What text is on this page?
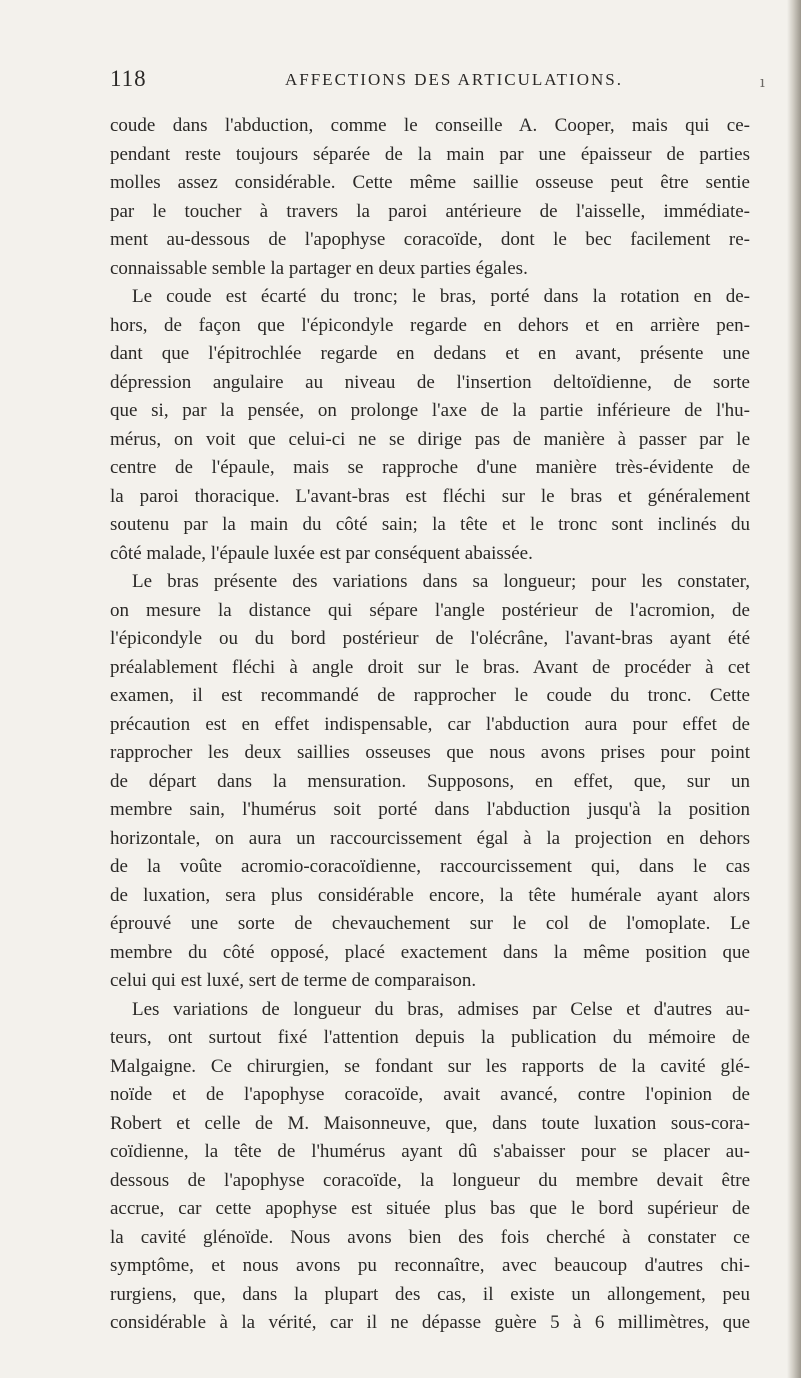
118	AFFECTIONS DES ARTICULATIONS.	ı
coude dans l'abduction, comme le conseille A. Cooper, mais qui ce-
pendant reste toujours séparée de la main par une épaisseur de parties
molles assez considérable. Cette même saillie osseuse peut être sentie
par le toucher à travers la paroi antérieure de l'aisselle, immédiate-
ment au-dessous de l'apophyse coracoïde, dont le bec facilement re-
connaissable semble la partager en deux parties égales.
Le coude est écarté du tronc; le bras, porté dans la rotation en de-
hors, de façon que l'épicondyle regarde en dehors et en arrière pen-
dant que l'épitrochlée regarde en dedans et en avant, présente une
dépression angulaire au niveau de l'insertion deltoïdienne, de sorte
que si, par la pensée, on prolonge l'axe de la partie inférieure de l'hu-
mérus, on voit que celui-ci ne se dirige pas de manière à passer par le
centre de l'épaule, mais se rapproche d'une manière très-évidente de
la paroi thoracique. L'avant-bras est fléchi sur le bras et généralement
soutenu par la main du côté sain; la tête et le tronc sont inclinés du
côté malade, l'épaule luxée est par conséquent abaissée.
Le bras présente des variations dans sa longueur; pour les constater,
on mesure la distance qui sépare l'angle postérieur de l'acromion, de
l'épicondyle ou du bord postérieur de l'olécrâne, l'avant-bras ayant été
préalablement fléchi à angle droit sur le bras. Avant de procéder à cet
examen, il est recommandé de rapprocher le coude du tronc. Cette
précaution est en effet indispensable, car l'abduction aura pour effet de
rapprocher les deux saillies osseuses que nous avons prises pour point
de départ dans la mensuration. Supposons, en effet, que, sur un
membre sain, l'humérus soit porté dans l'abduction jusqu'à la position
horizontale, on aura un raccourcissement égal à la projection en dehors
de la voûte acromio-coracoïdienne, raccourcissement qui, dans le cas
de luxation, sera plus considérable encore, la tête humérale ayant alors
éprouvé une sorte de chevauchement sur le col de l'omoplate. Le
membre du côté opposé, placé exactement dans la même position que
celui qui est luxé, sert de terme de comparaison.
Les variations de longueur du bras, admises par Celse et d'autres au-
teurs, ont surtout fixé l'attention depuis la publication du mémoire de
Malgaigne. Ce chirurgien, se fondant sur les rapports de la cavité glé-
noïde et de l'apophyse coracoïde, avait avancé, contre l'opinion de
Robert et celle de M. Maisonneuve, que, dans toute luxation sous-cora-
coïdienne, la tête de l'humérus ayant dû s'abaisser pour se placer au-
dessous de l'apophyse coracoïde, la longueur du membre devait être
accrue, car cette apophyse est située plus bas que le bord supérieur de
la cavité glénoïde. Nous avons bien des fois cherché à constater ce
symptôme, et nous avons pu reconnaître, avec beaucoup d'autres chi-
rurgiens, que, dans la plupart des cas, il existe un allongement, peu
considérable à la vérité, car il ne dépasse guère 5 à 6 millimètres, que
